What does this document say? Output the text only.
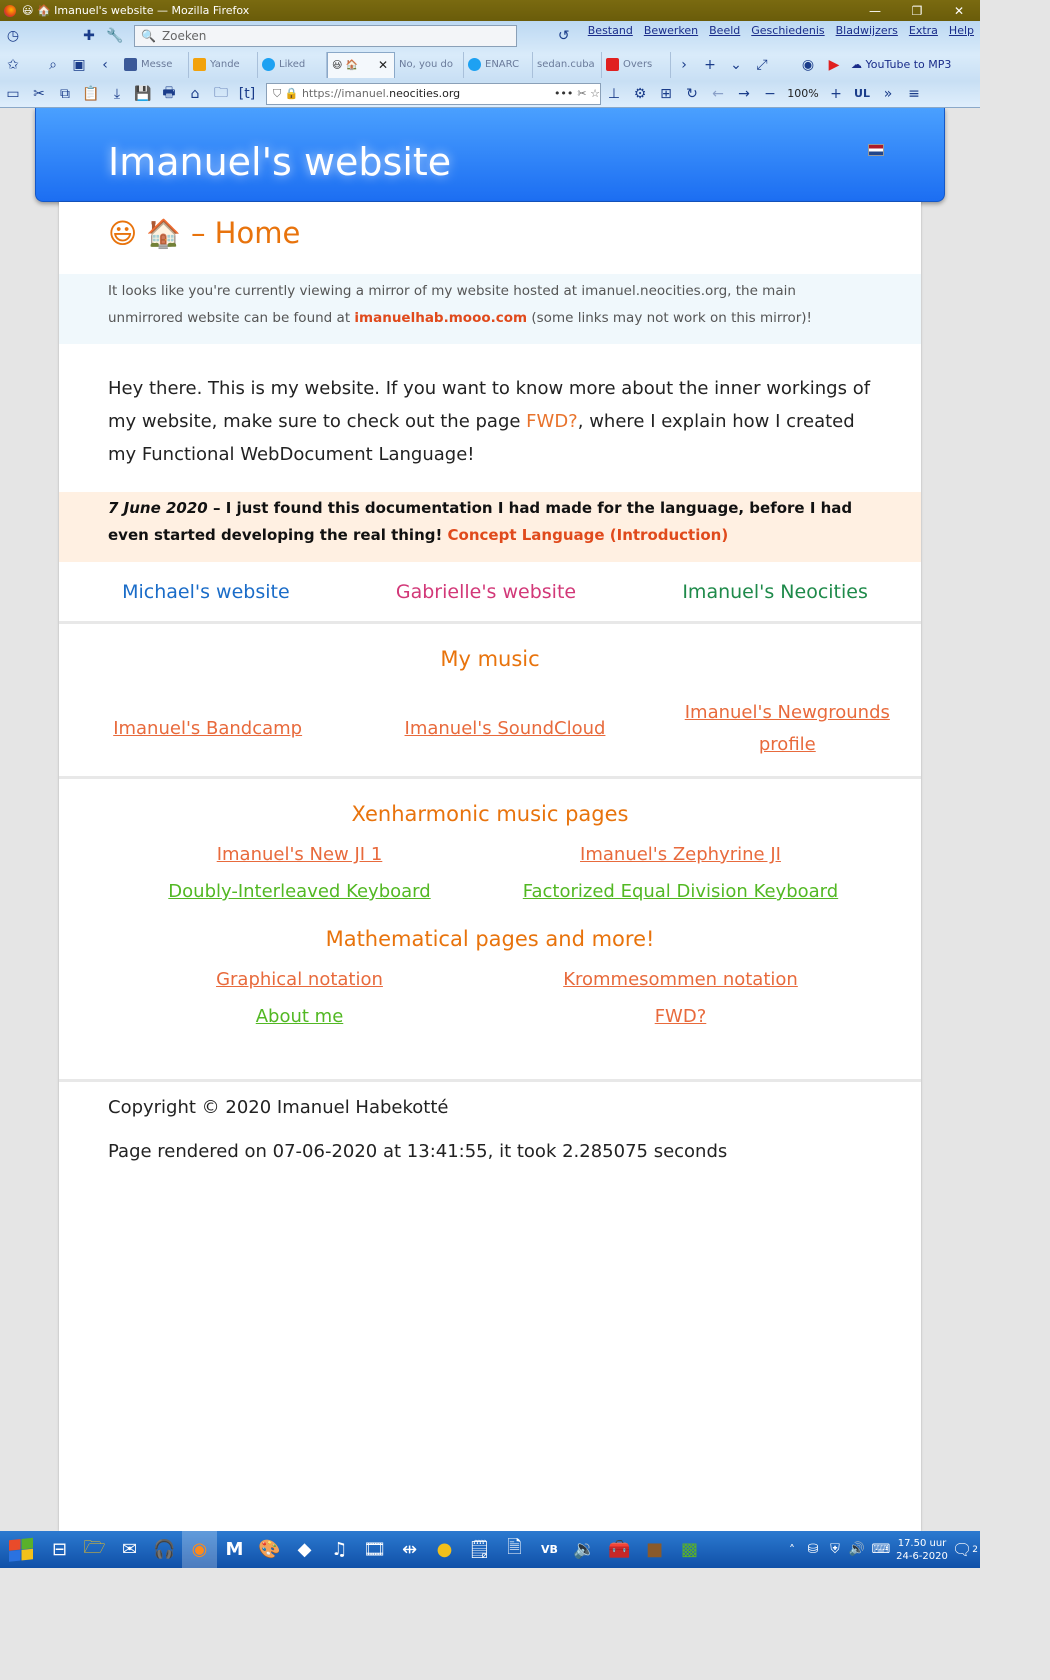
😃 🏠 Imanuel's website — Mozilla Firefox	—	❐	✕
◷	✚ 🔧	🔍 Zoeken	↺	Bestand Bewerken Beeld Geschiedenis Bladwijzers Extra Help
✩	⌕	▣	‹	Messe	Yande	Liked	😃 🏠 ✕ No, you do	ENARC sedan.cuba	Overs	›	+	⌄	⤢	◉	▶	☁
YouTube to MP3
▭ ✂	⧉ 📋	⤓	💾 🖶	⌂	🗀 [t]	⛉
🔒
https://imanuel. neocities.org	••• ✂
☆ ⊥ ⚙ ⊞	↻	←	→	−	100% +	UL »	≡
Imanuel's website
😃 🏠 – Home
It looks like you're currently viewing a mirror of my website hosted at imanuel.neocities.org, the main unmirrored website can be found at imanuelhab.mooo.com (some links may not work on this mirror)!
Hey there. This is my website. If you want to know more about the inner workings of my website, make sure to check out the page FWD?, where I explain how I created my Functional WebDocument Language!
7 June 2020 – I just found this documentation I had made for the language, before I had even started developing the real thing! Concept Language (Introduction)
Michael's website	Gabrielle's website	Imanuel's Neocities
My music
Imanuel's Bandcamp	Imanuel's SoundCloud
Imanuel's Newgrounds profile
Xenharmonic music pages
Imanuel's New JI 1	Imanuel's Zephyrine JI
Doubly-Interleaved Keyboard	Factorized Equal Division Keyboard
Mathematical pages and more!
Graphical notation	Krommesommen notation
About me	FWD?

Copyright © 2020 Imanuel Habekotté

Page rendered on 07-06-2020 at 13:41:55, it took 2.285075 seconds

⊟ 🗁 ✉ 🎧 ◉	M 🎨 ◆	♫ 🎞 ⇹	● 🗒 🗎	VB 🔉 🧰 ■ ▩	˄ ⛁ ⛨ 🔊 ⌨ 17.50 uur
24-6-2020 🗨 2
